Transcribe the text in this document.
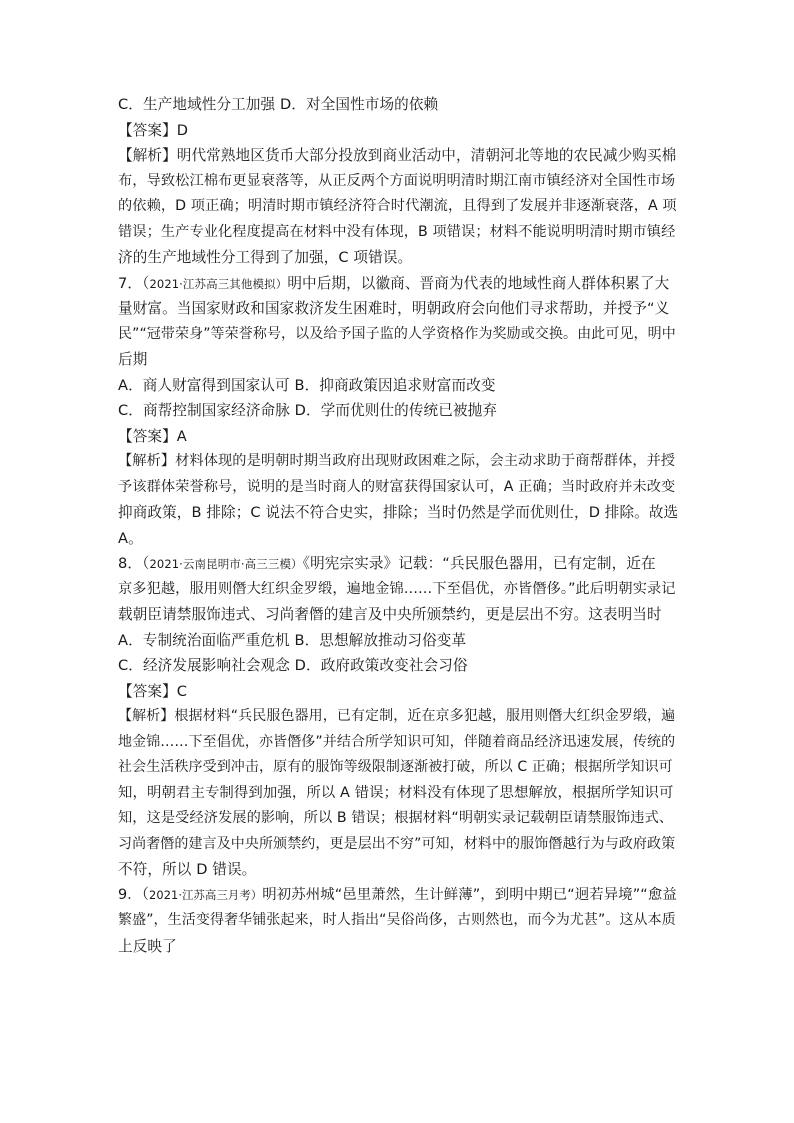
C．生产地域性分工加强 D．对全国性市场的依赖
【答案】D
【解析】明代常熟地区货币大部分投放到商业活动中，清朝河北等地的农民减少购买棉
布，导致松江棉布更显衰落等，从正反两个方面说明明清时期江南市镇经济对全国性市场
的依赖，D 项正确；明清时期市镇经济符合时代潮流，且得到了发展并非逐渐衰落，A 项
错误；生产专业化程度提高在材料中没有体现，B 项错误；材料不能说明明清时期市镇经
济的生产地域性分工得到了加强，C 项错误。
7．（2021·江苏高三其他模拟）明中后期，以徽商、晋商为代表的地域性商人群体积累了大
量财富。当国家财政和国家救济发生困难时，明朝政府会向他们寻求帮助，并授予“义
民”“冠带荣身”等荣誉称号，以及给予国子监的人学资格作为奖励或交换。由此可见，明中
后期
A．商人财富得到国家认可 B．抑商政策因追求财富而改变
C．商帮控制国家经济命脉 D．学而优则仕的传统已被抛弃
【答案】A
【解析】材料体现的是明朝时期当政府出现财政困难之际，会主动求助于商帮群体，并授
予该群体荣誉称号，说明的是当时商人的财富获得国家认可，A 正确；当时政府并未改变
抑商政策，B 排除；C 说法不符合史实，排除；当时仍然是学而优则仕，D 排除。故选
A。
8．（2021·云南昆明市·高三三模）《明宪宗实录》记载：“兵民服色器用，已有定制，近在
京多犯越，服用则僭大红织金罗缎，遍地金锦……下至倡优，亦皆僭侈。”此后明朝实录记
载朝臣请禁服饰违式、习尚奢僭的建言及中央所颁禁约，更是层出不穷。这表明当时
A．专制统治面临严重危机 B．思想解放推动习俗变革
C．经济发展影响社会观念 D．政府政策改变社会习俗
【答案】C
【解析】根据材料“兵民服色器用，已有定制，近在京多犯越，服用则僭大红织金罗缎，遍
地金锦……下至倡优，亦皆僭侈”并结合所学知识可知，伴随着商品经济迅速发展，传统的
社会生活秩序受到冲击，原有的服饰等级限制逐渐被打破，所以 C 正确；根据所学知识可
知，明朝君主专制得到加强，所以 A 错误；材料没有体现了思想解放，根据所学知识可
知，这是受经济发展的影响，所以 B 错误；根据材料“明朝实录记载朝臣请禁服饰违式、
习尚奢僭的建言及中央所颁禁约，更是层出不穷”可知，材料中的服饰僭越行为与政府政策
不符，所以 D 错误。
9．（2021·江苏高三月考）明初苏州城“邑里萧然，生计鲜薄”，到明中期已“迥若异境”“愈益
繁盛”，生活变得奢华铺张起来，时人指出“吴俗尚侈，古则然也，而今为尤甚”。这从本质
上反映了
